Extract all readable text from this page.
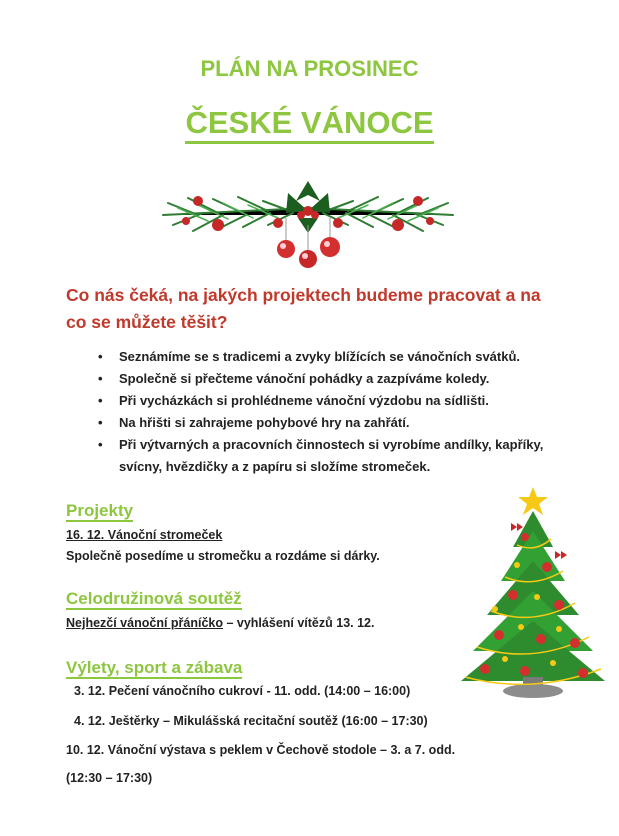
PLÁN NA PROSINEC
ČESKÉ VÁNOCE
Co nás čeká, na jakých projektech budeme pracovat a na co se můžete těšit?
• Seznámíme se s tradicemi a zvyky blížících se vánočních svátků.
• Společně si přečteme vánoční pohádky a zazpíváme koledy.
• Při vycházkách si prohlédneme vánoční výzdobu na sídlišti.
• Na hřišti si zahrajeme pohybové hry na zahřátí.
• Při výtvarných a pracovních činnostech si vyrobíme andílky, kapříky, svícny, hvězdičky a z papíru si složíme stromeček.
Projekty
16. 12. Vánoční stromeček
Společně posedíme u stromečku a rozdáme si dárky.
Celodružinová soutěž
Nejhezčí vánoční přáníčko – vyhlášení vítězů 13. 12.
Výlety, sport a zábava
3. 12. Pečení vánočního cukroví - 11. odd. (14:00 – 16:00)
4. 12. Ještěrky – Mikulášská recitační soutěž (16:00 – 17:30)
10. 12. Vánoční výstava s peklem v Čechově stodole – 3. a 7. odd.
(12:30 – 17:30)
